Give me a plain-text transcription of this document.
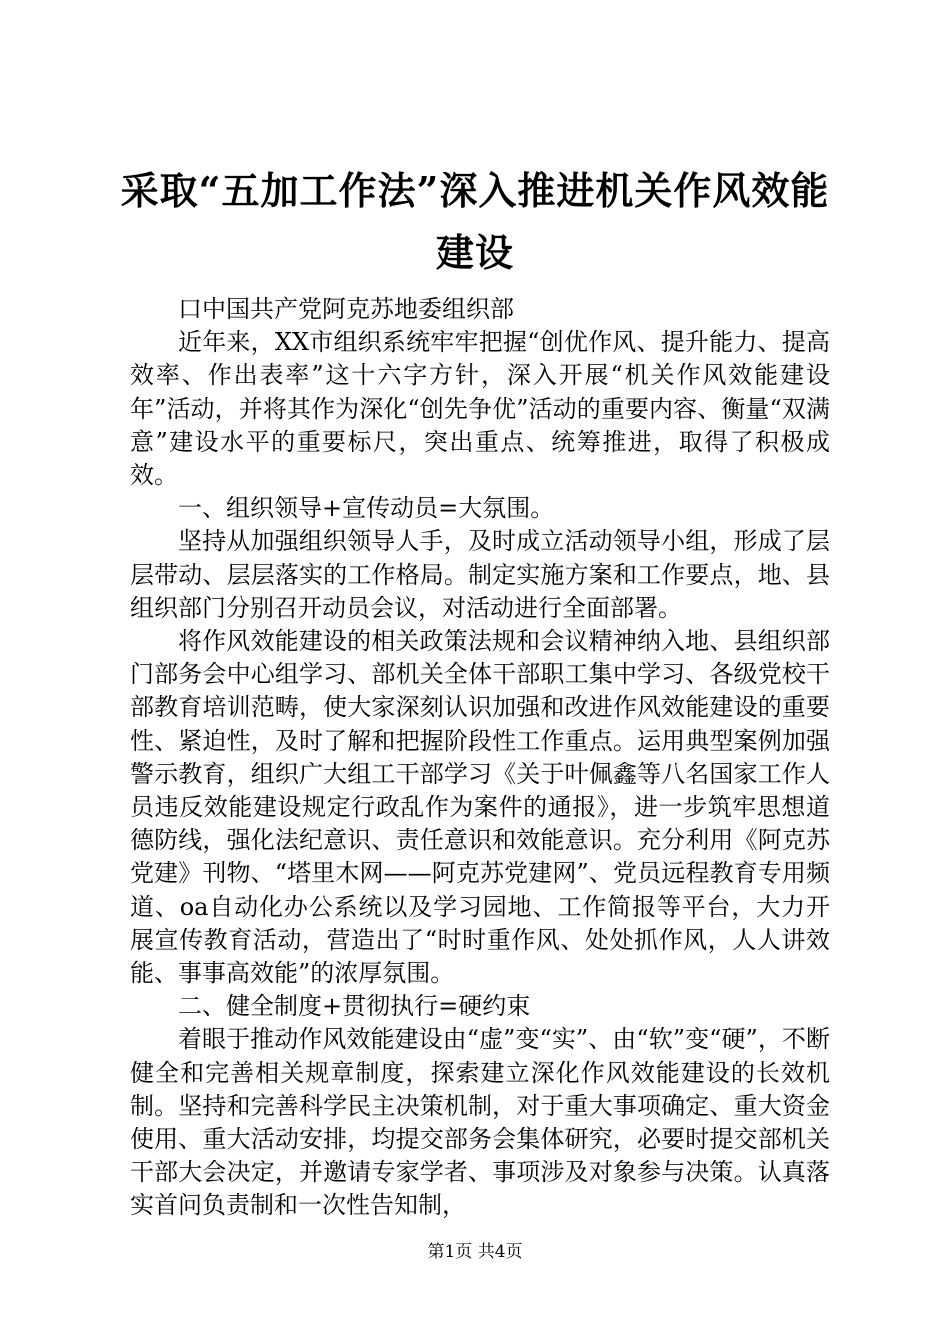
采取“五加工作法”深入推进机关作风效能建设

口中国共产党阿克苏地委组织部

近年来，XX市组织系统牢牢把握“创优作风、提升能力、提高效率、作出表率”这十六字方针，深入开展“机关作风效能建设年”活动，并将其作为深化“创先争优”活动的重要内容、衡量“双满意”建设水平的重要标尺，突出重点、统筹推进，取得了积极成效。

一、组织领导+宣传动员=大氛围。

坚持从加强组织领导人手，及时成立活动领导小组，形成了层层带动、层层落实的工作格局。制定实施方案和工作要点，地、县组织部门分别召开动员会议，对活动进行全面部署。

将作风效能建设的相关政策法规和会议精神纳入地、县组织部门部务会中心组学习、部机关全体干部职工集中学习、各级党校干部教育培训范畴，使大家深刻认识加强和改进作风效能建设的重要性、紧迫性，及时了解和把握阶段性工作重点。运用典型案例加强警示教育，组织广大组工干部学习《关于叶佩鑫等八名国家工作人员违反效能建设规定行政乱作为案件的通报》，进一步筑牢思想道德防线，强化法纪意识、责任意识和效能意识。充分利用《阿克苏党建》刊物、“塔里木网——阿克苏党建网”、党员远程教育专用频道、oa自动化办公系统以及学习园地、工作简报等平台，大力开展宣传教育活动，营造出了“时时重作风、处处抓作风，人人讲效能、事事高效能”的浓厚氛围。

二、健全制度+贯彻执行=硬约束

着眼于推动作风效能建设由“虚”变“实”、由“软”变“硬”，不断健全和完善相关规章制度，探索建立深化作风效能建设的长效机制。坚持和完善科学民主决策机制，对于重大事项确定、重大资金使用、重大活动安排，均提交部务会集体研究，必要时提交部机关干部大会决定，并邀请专家学者、事项涉及对象参与决策。认真落实首问负责制和一次性告知制，

第1页 共4页
